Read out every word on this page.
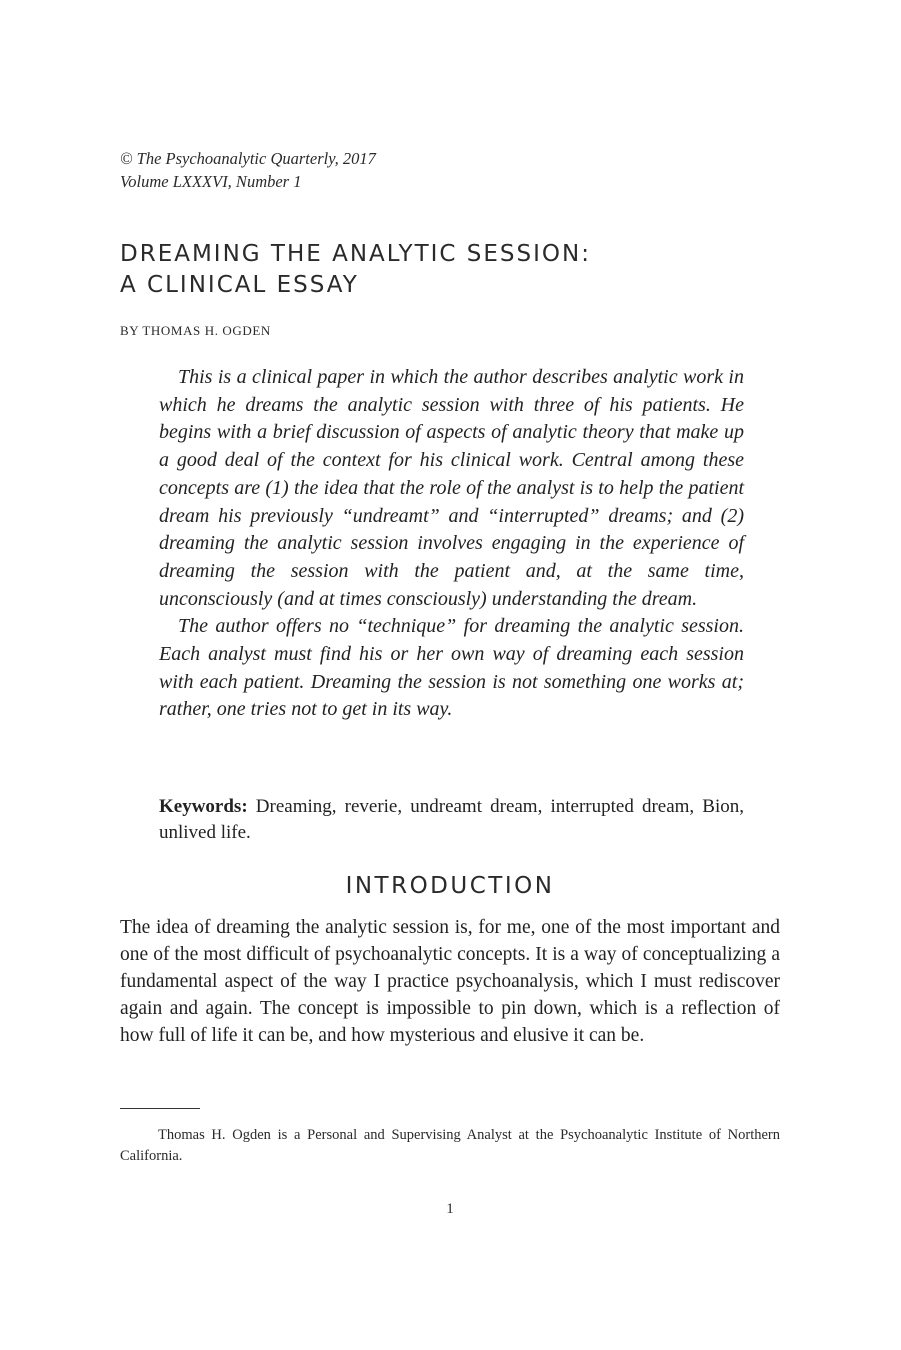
© The Psychoanalytic Quarterly, 2017
Volume LXXXVI, Number 1
DREAMING THE ANALYTIC SESSION:
A CLINICAL ESSAY
BY THOMAS H. OGDEN

This is a clinical paper in which the author describes analytic work in which he dreams the analytic session with three of his patients. He begins with a brief discussion of aspects of analytic theory that make up a good deal of the context for his clinical work. Central among these concepts are (1) the idea that the role of the analyst is to help the patient dream his previously “undreamt” and “interrupted” dreams; and (2) dreaming the analytic session involves engaging in the experience of dreaming the session with the patient and, at the same time, unconsciously (and at times consciously) understanding the dream.

The author offers no “technique” for dreaming the analytic session. Each analyst must find his or her own way of dreaming each session with each patient. Dreaming the session is not something one works at; rather, one tries not to get in its way.

Keywords: Dreaming, reverie, undreamt dream, interrupted dream, Bion, unlived life.
INTRODUCTION

The idea of dreaming the analytic session is, for me, one of the most important and one of the most difficult of psychoanalytic concepts. It is a way of conceptualizing a fundamental aspect of the way I practice psychoanalysis, which I must rediscover again and again. The concept is impossible to pin down, which is a reflection of how full of life it can be, and how mysterious and elusive it can be.

Thomas H. Ogden is a Personal and Supervising Analyst at the Psychoanalytic Institute of Northern California.

1
